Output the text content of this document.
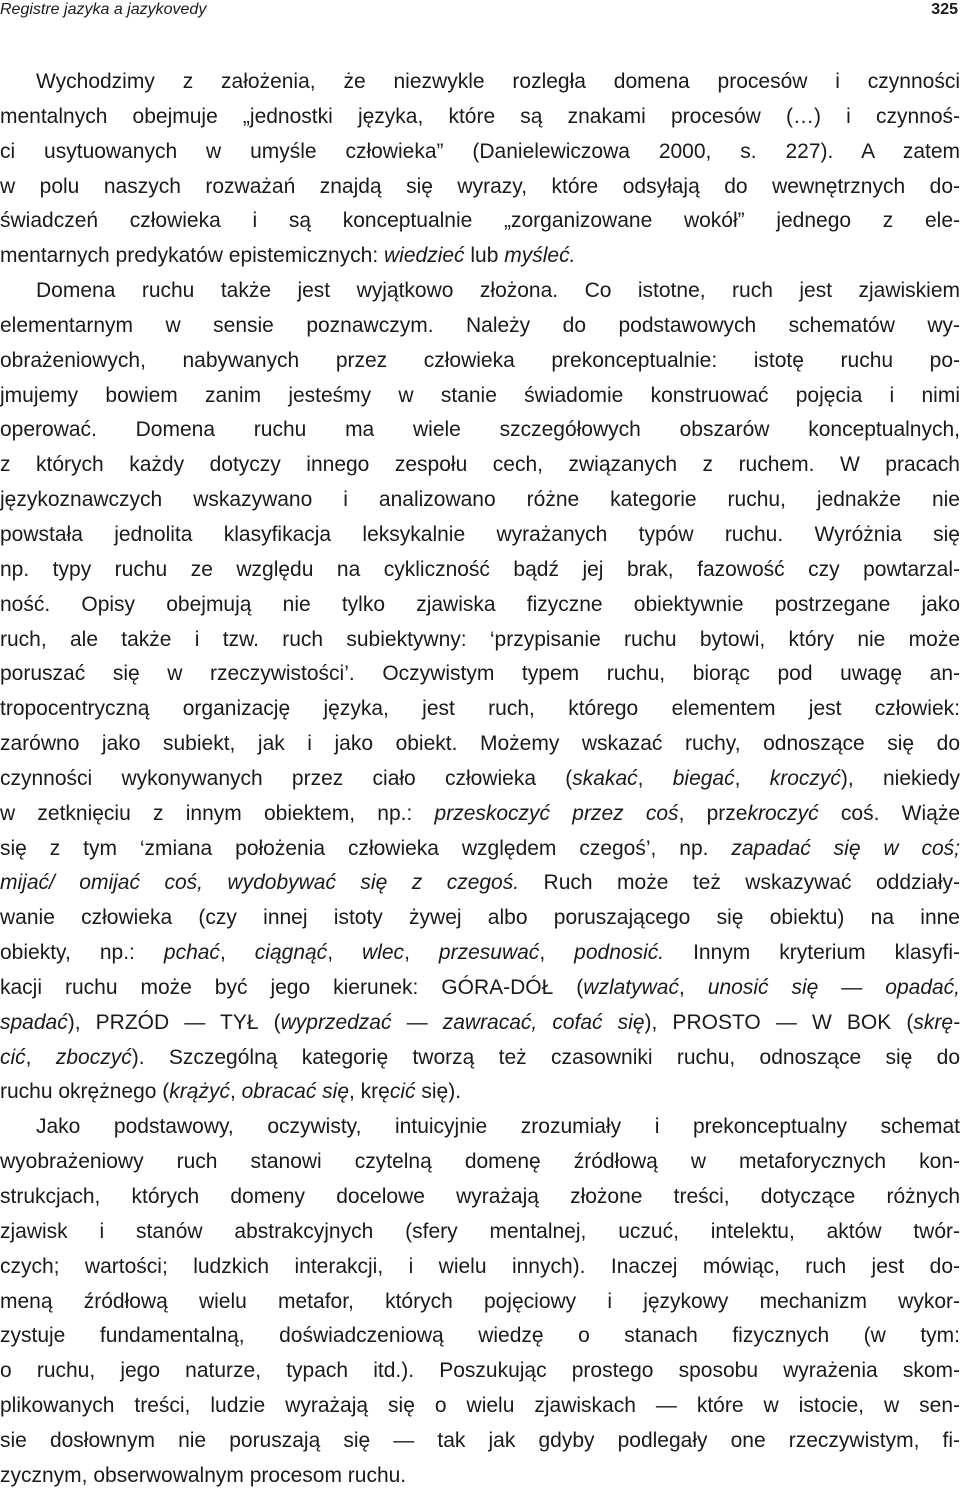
Registre jazyka a jazykovedy	325
Wychodzimy z założenia, że niezwykle rozległa domena procesów i czynności
mentalnych obejmuje „jednostki języka, które są znakami procesów (…) i czynnoś-
ci usytuowanych w umyśle człowieka” (Danielewiczowa 2000, s. 227). A zatem
w polu naszych rozważań znajdą się wyrazy, które odsyłają do wewnętrznych do-
świadczeń człowieka i są konceptualnie „zorganizowane wokół” jednego z ele-
mentarnych predykatów epistemicznych: wiedzieć lub myśleć.
Domena ruchu także jest wyjątkowo złożona. Co istotne, ruch jest zjawiskiem
elementarnym w sensie poznawczym. Należy do podstawowych schematów wy-
obrażeniowych, nabywanych przez człowieka prekonceptualnie: istotę ruchu po-
jmujemy bowiem zanim jesteśmy w stanie świadomie konstruować pojęcia i nimi
operować. Domena ruchu ma wiele szczegółowych obszarów konceptualnych,
z których każdy dotyczy innego zespołu cech, związanych z ruchem. W pracach
językoznawczych wskazywano i analizowano różne kategorie ruchu, jednakże nie
powstała jednolita klasyfikacja leksykalnie wyrażanych typów ruchu. Wyróżnia się
np. typy ruchu ze względu na cykliczność bądź jej brak, fazowość czy powtarzal-
ność. Opisy obejmują nie tylko zjawiska fizyczne obiektywnie postrzegane jako
ruch, ale także i tzw. ruch subiektywny: ‘przypisanie ruchu bytowi, który nie może
poruszać się w rzeczywistości’. Oczywistym typem ruchu, biorąc pod uwagę an-
tropocentryczną organizację języka, jest ruch, którego elementem jest człowiek:
zarówno jako subiekt, jak i jako obiekt. Możemy wskazać ruchy, odnoszące się do
czynności wykonywanych przez ciało człowieka (skakać, biegać, kroczyć), niekiedy
w zetknięciu z innym obiektem, np.: przeskoczyć przez coś, przekroczyć coś. Wiąże
się z tym ‘zmiana położenia człowieka względem czegoś’, np. zapadać się w coś;
mijać/ omijać coś, wydobywać się z czegoś. Ruch może też wskazywać oddziały-
wanie człowieka (czy innej istoty żywej albo poruszającego się obiektu) na inne
obiekty, np.: pchać, ciągnąć, wlec, przesuwać, podnosić. Innym kryterium klasyfi-
kacji ruchu może być jego kierunek: GÓRA-DÓŁ (wzlatywać, unosić się — opadać,
spadać), PRZÓD — TYŁ (wyprzedzać — zawracać, cofać się), PROSTO — W BOK (skrę-
cić, zboczyć). Szczególną kategorię tworzą też czasowniki ruchu, odnoszące się do
ruchu okrężnego (krążyć, obracać się, kręcić się).
Jako podstawowy, oczywisty, intuicyjnie zrozumiały i prekonceptualny schemat
wyobrażeniowy ruch stanowi czytelną domenę źródłową w metaforycznych kon-
strukcjach, których domeny docelowe wyrażają złożone treści, dotyczące różnych
zjawisk i stanów abstrakcyjnych (sfery mentalnej, uczuć, intelektu, aktów twór-
czych; wartości; ludzkich interakcji, i wielu innych). Inaczej mówiąc, ruch jest do-
meną źródłową wielu metafor, których pojęciowy i językowy mechanizm wykor-
zystuje fundamentalną, doświadczeniową wiedzę o stanach fizycznych (w tym:
o ruchu, jego naturze, typach itd.). Poszukując prostego sposobu wyrażenia skom-
plikowanych treści, ludzie wyrażają się o wielu zjawiskach — które w istocie, w sen-
sie dosłownym nie poruszają się — tak jak gdyby podlegały one rzeczywistym, fi-
zycznym, obserwowalnym procesom ruchu.
